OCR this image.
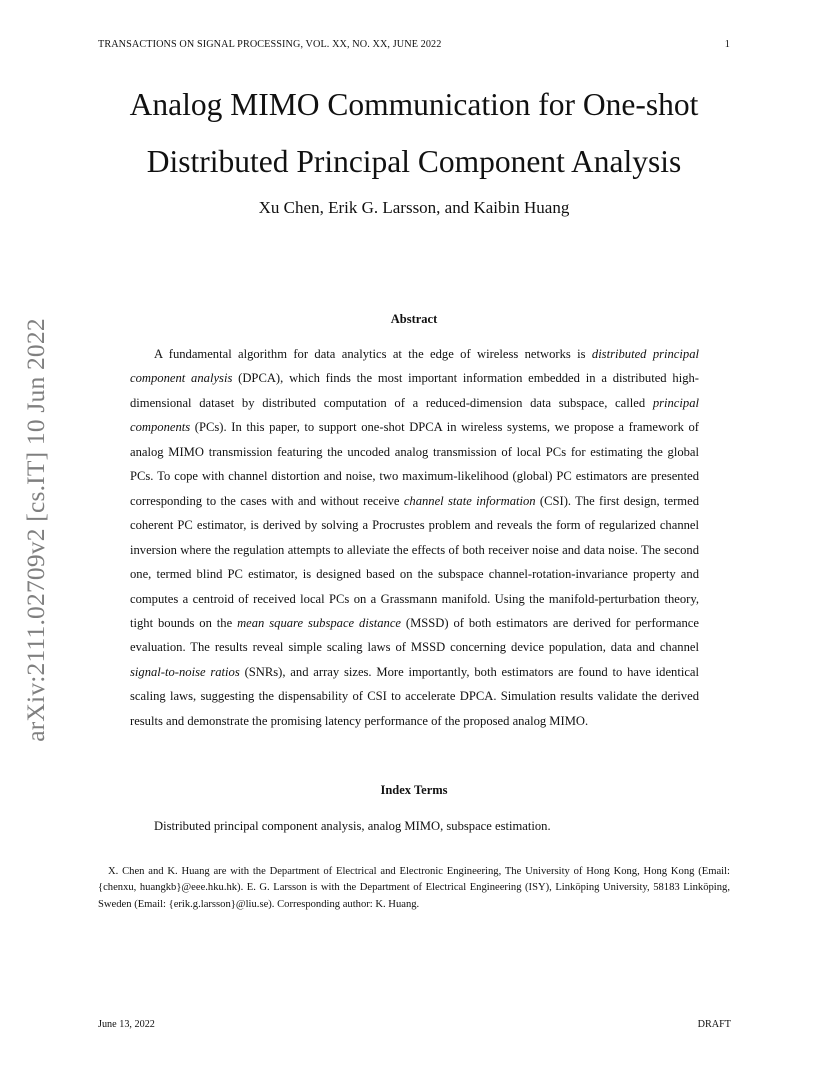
TRANSACTIONS ON SIGNAL PROCESSING, VOL. XX, NO. XX, JUNE 2022	1
Analog MIMO Communication for One-shot
Distributed Principal Component Analysis
Xu Chen, Erik G. Larsson, and Kaibin Huang
arXiv:2111.02709v2 [cs.IT] 10 Jun 2022	Abstract

A fundamental algorithm for data analytics at the edge of wireless networks is distributed principal component analysis (DPCA), which finds the most important information embedded in a distributed high-dimensional dataset by distributed computation of a reduced-dimension data subspace, called principal components (PCs). In this paper, to support one-shot DPCA in wireless systems, we propose a framework of analog MIMO transmission featuring the uncoded analog transmission of local PCs for estimating the global PCs. To cope with channel distortion and noise, two maximum-likelihood (global) PC estimators are presented corresponding to the cases with and without receive channel state information (CSI). The first design, termed coherent PC estimator, is derived by solving a Procrustes problem and reveals the form of regularized channel inversion where the regulation attempts to alleviate the effects of both receiver noise and data noise. The second one, termed blind PC estimator, is designed based on the subspace channel-rotation-invariance property and computes a centroid of received local PCs on a Grassmann manifold. Using the manifold-perturbation theory, tight bounds on the mean square subspace distance (MSSD) of both estimators are derived for performance evaluation. The results reveal simple scaling laws of MSSD concerning device population, data and channel signal-to-noise ratios (SNRs), and array sizes. More importantly, both estimators are found to have identical scaling laws, suggesting the dispensability of CSI to accelerate DPCA. Simulation results validate the derived results and demonstrate the promising latency performance of the proposed analog MIMO.

Index Terms
Distributed principal component analysis, analog MIMO, subspace estimation.

X. Chen and K. Huang are with the Department of Electrical and Electronic Engineering, The University of Hong Kong, Hong Kong (Email: {chenxu, huangkb}@eee.hku.hk). E. G. Larsson is with the Department of Electrical Engineering (ISY), Linköping University, 58183 Linköping, Sweden (Email: {erik.g.larsson}@liu.se). Corresponding author: K. Huang.

June 13, 2022	DRAFT
